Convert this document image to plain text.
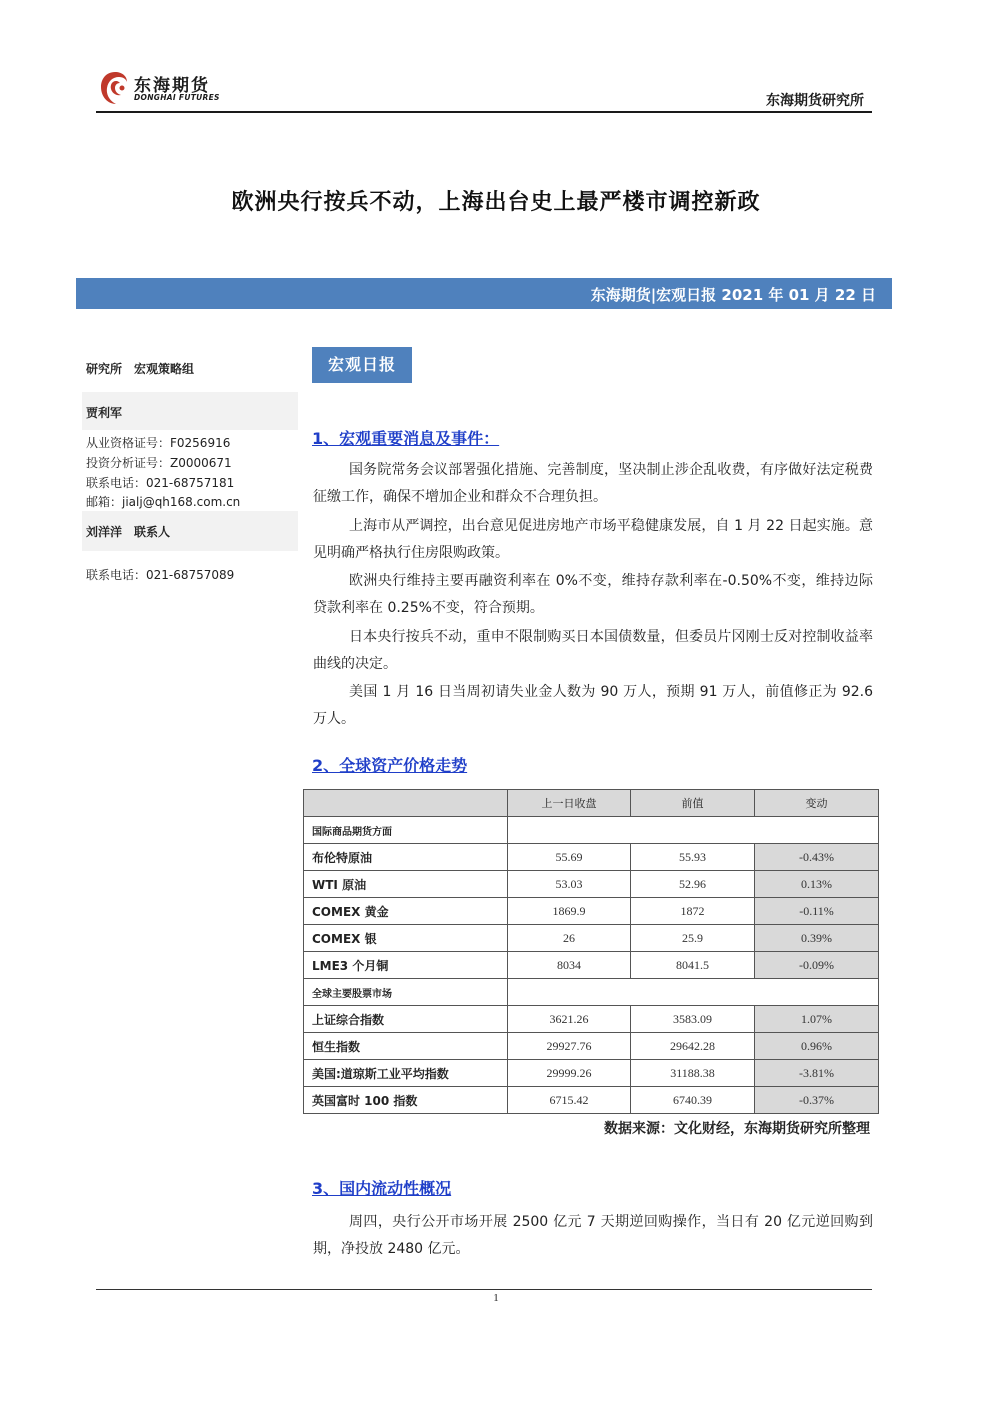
东海期货
DONGHAI FUTURES	东海期货研究所
欧洲央行按兵不动，上海出台史上最严楼市调控新政
东海期货|宏观日报 2021 年 01 月 22 日
研究所　宏观策略组
贾利军
从业资格证号：F0256916
投资分析证号：Z0000671
联系电话：021-68757181
邮箱：jialj@qh168.com.cn
刘洋洋　联系人
联系电话：021-68757089
宏观日报
1、宏观重要消息及事件：
国务院常务会议部署强化措施、完善制度，坚决制止涉企乱收费，有序做好法定税费征缴工作，确保不增加企业和群众不合理负担。
上海市从严调控，出台意见促进房地产市场平稳健康发展，自 1 月 22 日起实施。意见明确严格执行住房限购政策。
欧洲央行维持主要再融资利率在 0%不变，维持存款利率在-0.50%不变，维持边际贷款利率在 0.25%不变，符合预期。
日本央行按兵不动，重申不限制购买日本国债数量，但委员片冈刚士反对控制收益率曲线的决定。
美国 1 月 16 日当周初请失业金人数为 90 万人，预期 91 万人，前值修正为 92.6 万人。
2、全球资产价格走势
	上一日收盘	前值	变动
国际商品期货方面			
布伦特原油	55.69	55.93	-0.43%
WTI 原油	53.03	52.96	0.13%
COMEX 黄金	1869.9	1872	-0.11%
COMEX 银	26	25.9	0.39%
LME3 个月铜	8034	8041.5	-0.09%
全球主要股票市场			
上证综合指数	3621.26	3583.09	1.07%
恒生指数	29927.76	29642.28	0.96%
美国:道琼斯工业平均指数	29999.26	31188.38	-3.81%
英国富时 100 指数	6715.42	6740.39	-0.37%
数据来源：文化财经，东海期货研究所整理
3、国内流动性概况
周四，央行公开市场开展 2500 亿元 7 天期逆回购操作，当日有 20 亿元逆回购到期，净投放 2480 亿元。
1
